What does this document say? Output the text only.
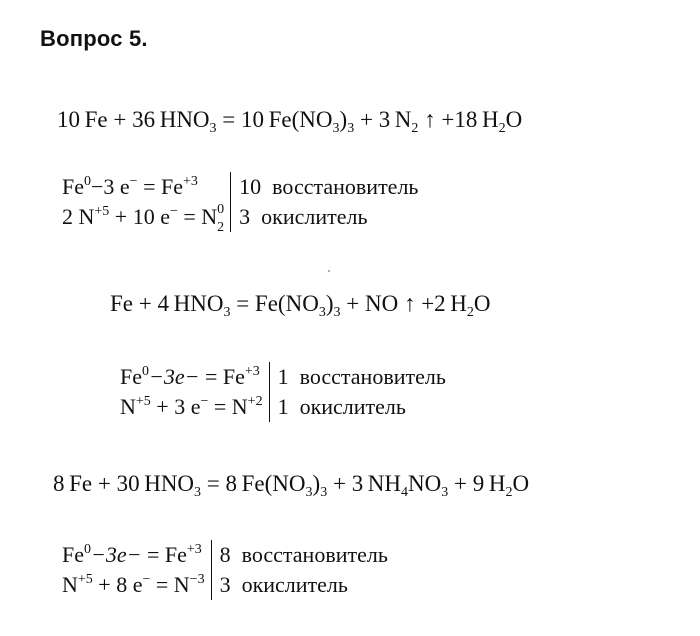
Вопрос 5.
10  Fe + 36  $HNO_3 = 10$  $Fe(NO_3)_3 + 3$  $N_2$ ↑ +18  $H_2O$
$Fe^0-3$ $e^- = Fe^{+3}$
2 $N^{+5} + 10$ e− = N 0
2
10 восстановитель
3 окислитель
Fe + 4  $HNO_3 = Fe(NO_3)_3$ + NO ↑ +2  $H_2O$
$Fe^0-3e- = Fe^{+3}$
$N^{+5} + 3$ $e^- = N^{+2}$
1 восстановитель
1 окислитель
8  Fe + 30  $HNO_3 = 8$  $Fe(NO_3)_3 + 3$  $NH_4NO_3 + 9$  $H_2O$
$Fe^0-3e- = Fe^{+3}$
$N^{+5} + 8$ $e^- = N^{-3}$
8 восстановитель
3 окислитель
